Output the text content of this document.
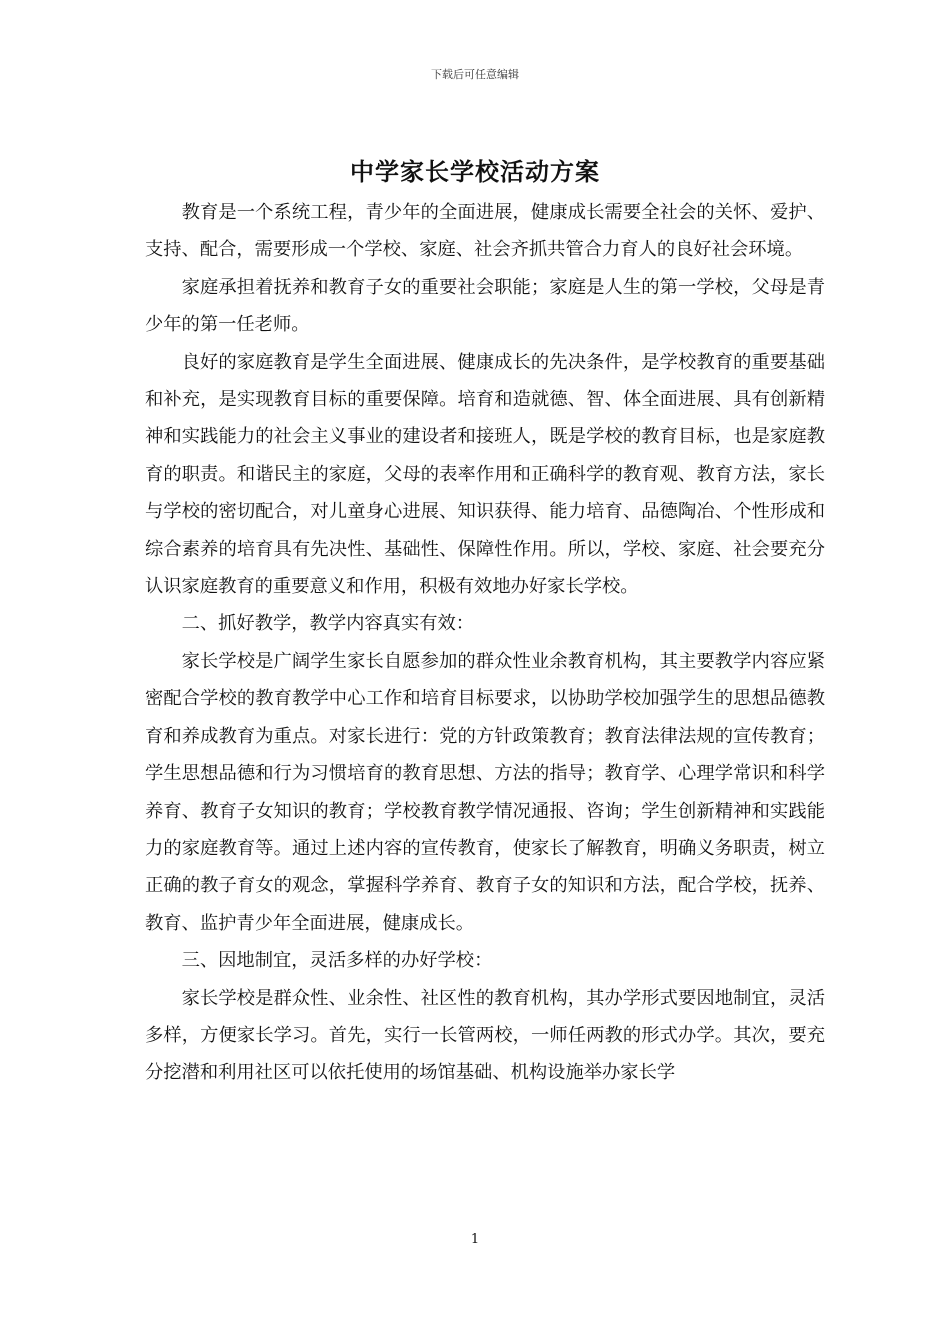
下载后可任意编辑
中学家长学校活动方案

教育是一个系统工程，青少年的全面进展，健康成长需要全社会的关怀、爱护、支持、配合，需要形成一个学校、家庭、社会齐抓共管合力育人的良好社会环境。

家庭承担着抚养和教育子女的重要社会职能；家庭是人生的第一学校，父母是青少年的第一任老师。

良好的家庭教育是学生全面进展、健康成长的先决条件，是学校教育的重要基础和补充，是实现教育目标的重要保障。培育和造就德、智、体全面进展、具有创新精神和实践能力的社会主义事业的建设者和接班人，既是学校的教育目标，也是家庭教育的职责。和谐民主的家庭，父母的表率作用和正确科学的教育观、教育方法，家长与学校的密切配合，对儿童身心进展、知识获得、能力培育、品德陶冶、个性形成和综合素养的培育具有先决性、基础性、保障性作用。所以，学校、家庭、社会要充分认识家庭教育的重要意义和作用，积极有效地办好家长学校。

二、抓好教学，教学内容真实有效：

家长学校是广阔学生家长自愿参加的群众性业余教育机构，其主要教学内容应紧密配合学校的教育教学中心工作和培育目标要求，以协助学校加强学生的思想品德教育和养成教育为重点。对家长进行：党的方针政策教育；教育法律法规的宣传教育；学生思想品德和行为习惯培育的教育思想、方法的指导；教育学、心理学常识和科学养育、教育子女知识的教育；学校教育教学情况通报、咨询；学生创新精神和实践能力的家庭教育等。通过上述内容的宣传教育，使家长了解教育，明确义务职责，树立正确的教子育女的观念，掌握科学养育、教育子女的知识和方法，配合学校，抚养、教育、监护青少年全面进展，健康成长。

三、因地制宜，灵活多样的办好学校：

家长学校是群众性、业余性、社区性的教育机构，其办学形式要因地制宜，灵活多样，方便家长学习。首先，实行一长管两校，一师任两教的形式办学。其次，要充分挖潜和利用社区可以依托使用的场馆基础、机构设施举办家长学

1
